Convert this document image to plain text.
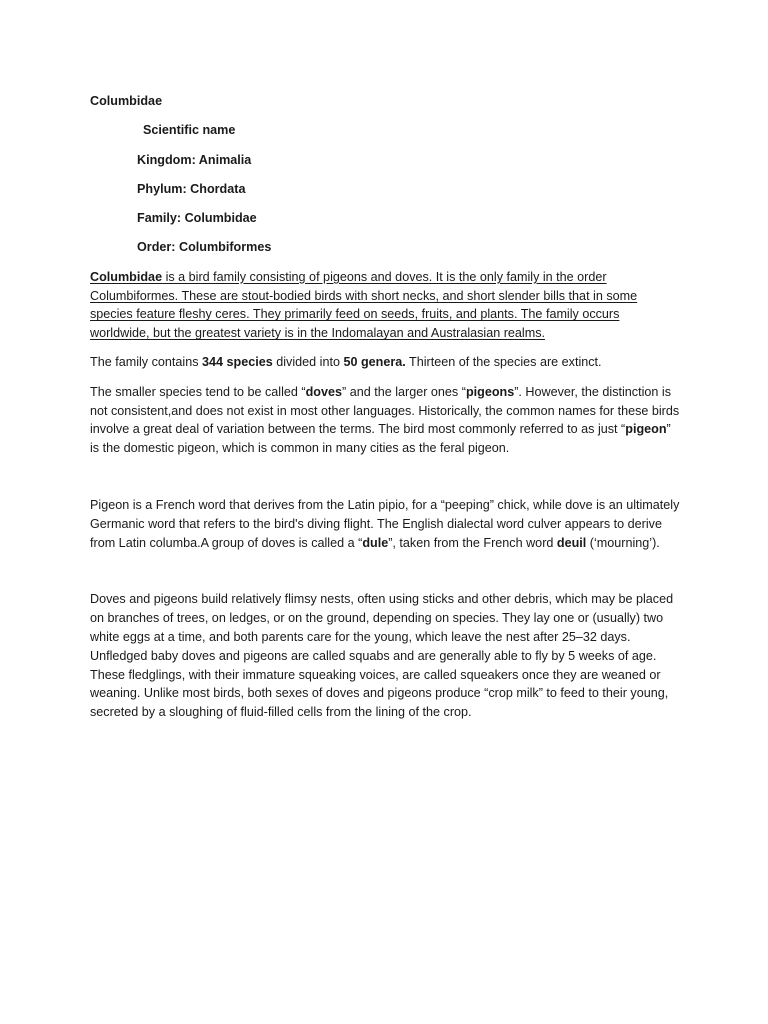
Columbidae
Scientific name
Kingdom: Animalia
Phylum: Chordata
Family: Columbidae
Order: Columbiformes

Columbidae is a bird family consisting of pigeons and doves. It is the only family in the order Columbiformes. These are stout-bodied birds with short necks, and short slender bills that in some species feature fleshy ceres. They primarily feed on seeds, fruits, and plants. The family occurs worldwide, but the greatest variety is in the Indomalayan and Australasian realms.

The family contains 344 species divided into 50 genera. Thirteen of the species are extinct.

The smaller species tend to be called “doves” and the larger ones “pigeons”. However, the distinction is not consistent,and does not exist in most other languages. Historically, the common names for these birds involve a great deal of variation between the terms. The bird most commonly referred to as just “pigeon” is the domestic pigeon, which is common in many cities as the feral pigeon.

Pigeon is a French word that derives from the Latin pipio, for a “peeping” chick, while dove is an ultimately Germanic word that refers to the bird's diving flight. The English dialectal word culver appears to derive from Latin columba.A group of doves is called a “dule”, taken from the French word deuil (‘mourning’).

Doves and pigeons build relatively flimsy nests, often using sticks and other debris, which may be placed on branches of trees, on ledges, or on the ground, depending on species. They lay one or (usually) two white eggs at a time, and both parents care for the young, which leave the nest after 25–32 days. Unfledged baby doves and pigeons are called squabs and are generally able to fly by 5 weeks of age. These fledglings, with their immature squeaking voices, are called squeakers once they are weaned or weaning. Unlike most birds, both sexes of doves and pigeons produce “crop milk” to feed to their young, secreted by a sloughing of fluid-filled cells from the lining of the crop.
